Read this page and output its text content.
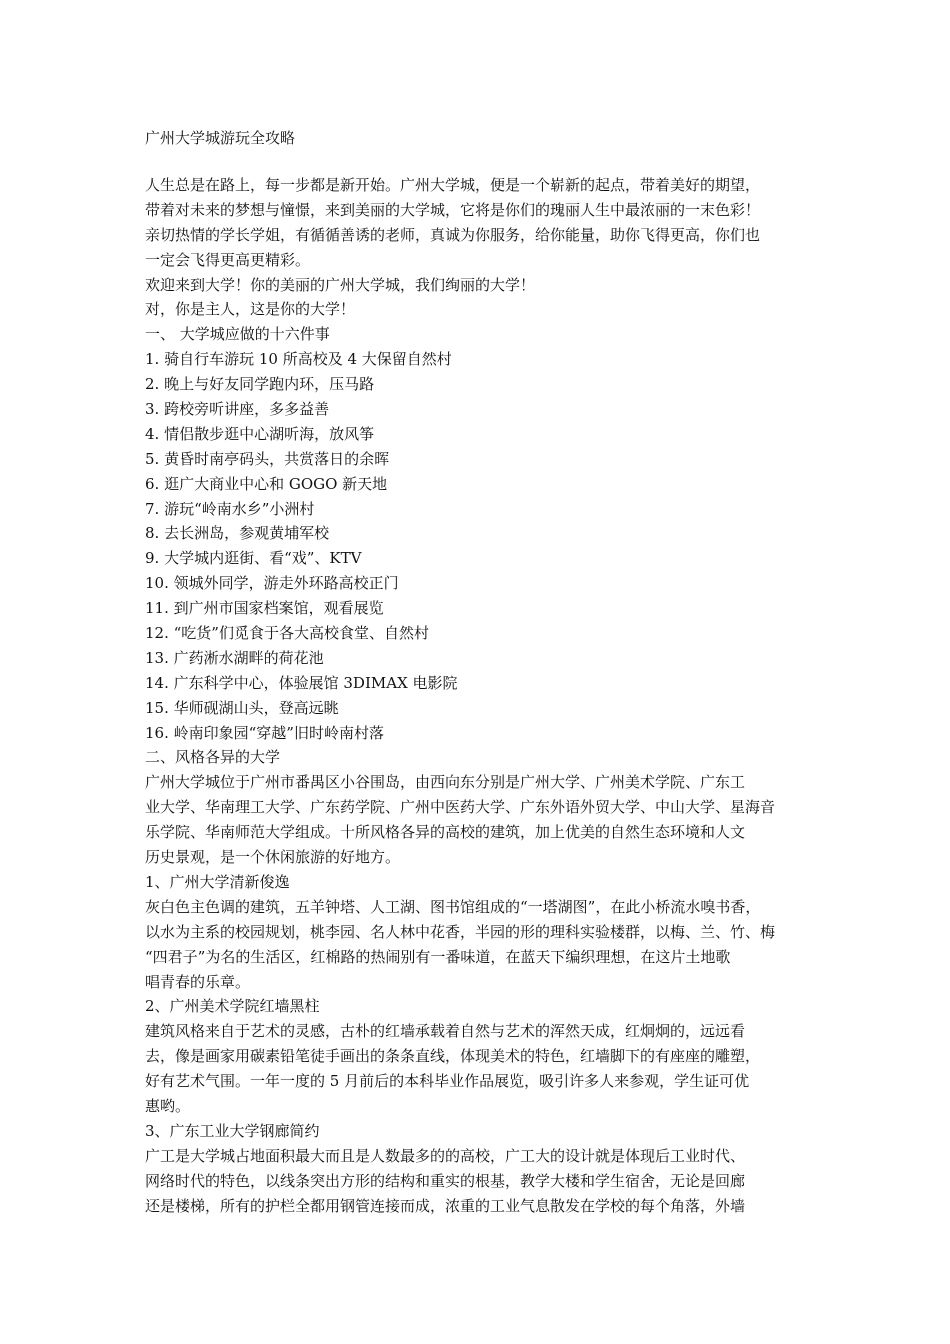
广州大学城游玩全攻略
人生总是在路上，每一步都是新开始。广州大学城，便是一个崭新的起点，带着美好的期望，
带着对未来的梦想与憧憬，来到美丽的大学城，它将是你们的瑰丽人生中最浓丽的一末色彩！
亲切热情的学长学姐，有循循善诱的老师，真诚为你服务，给你能量，助你飞得更高，你们也
一定会飞得更高更精彩。
欢迎来到大学！你的美丽的广州大学城，我们绚丽的大学！
对，你是主人，这是你的大学！
一、 大学城应做的十六件事
1. 骑自行车游玩 10 所高校及 4 大保留自然村
2. 晚上与好友同学跑内环，压马路
3. 跨校旁听讲座，多多益善
4. 情侣散步逛中心湖听海，放风筝
5. 黄昏时南亭码头，共赏落日的余晖
6. 逛广大商业中心和 GOGO 新天地
7. 游玩“岭南水乡”小洲村
8. 去长洲岛，参观黄埔军校
9. 大学城内逛街、看“戏”、KTV
10. 领城外同学，游走外环路高校正门
11. 到广州市国家档案馆，观看展览
12. “吃货”们觅食于各大高校食堂、自然村
13. 广药淅水湖畔的荷花池
14. 广东科学中心，体验展馆 3DIMAX 电影院
15. 华师砚湖山头，登高远眺
16. 岭南印象园“穿越”旧时岭南村落
二、风格各异的大学
广州大学城位于广州市番禺区小谷围岛，由西向东分别是广州大学、广州美术学院、广东工
业大学、华南理工大学、广东药学院、广州中医药大学、广东外语外贸大学、中山大学、星海音
乐学院、华南师范大学组成。十所风格各异的高校的建筑，加上优美的自然生态环境和人文
历史景观，是一个休闲旅游的好地方。
1、广州大学清新俊逸
灰白色主色调的建筑，五羊钟塔、人工湖、图书馆组成的“一塔湖图”，在此小桥流水嗅书香，
以水为主系的校园规划，桃李园、名人林中花香，半园的形的理科实验楼群，以梅、兰、竹、梅
“四君子”为名的生活区，红棉路的热闹别有一番味道，在蓝天下编织理想，在这片土地歌
唱青春的乐章。
2、广州美术学院红墙黑柱
建筑风格来自于艺术的灵感，古朴的红墙承载着自然与艺术的浑然天成，红炯炯的，远远看
去，像是画家用碳素铅笔徒手画出的条条直线，体现美术的特色，红墙脚下的有座座的雕塑，
好有艺术气围。一年一度的 5 月前后的本科毕业作品展览，吸引许多人来参观，学生证可优
惠哟。
3、广东工业大学钢廊简约
广工是大学城占地面积最大而且是人数最多的的高校，广工大的设计就是体现后工业时代、
网络时代的特色，以线条突出方形的结构和重实的根基，教学大楼和学生宿舍，无论是回廊
还是楼梯，所有的护栏全都用钢管连接而成，浓重的工业气息散发在学校的每个角落，外墙
